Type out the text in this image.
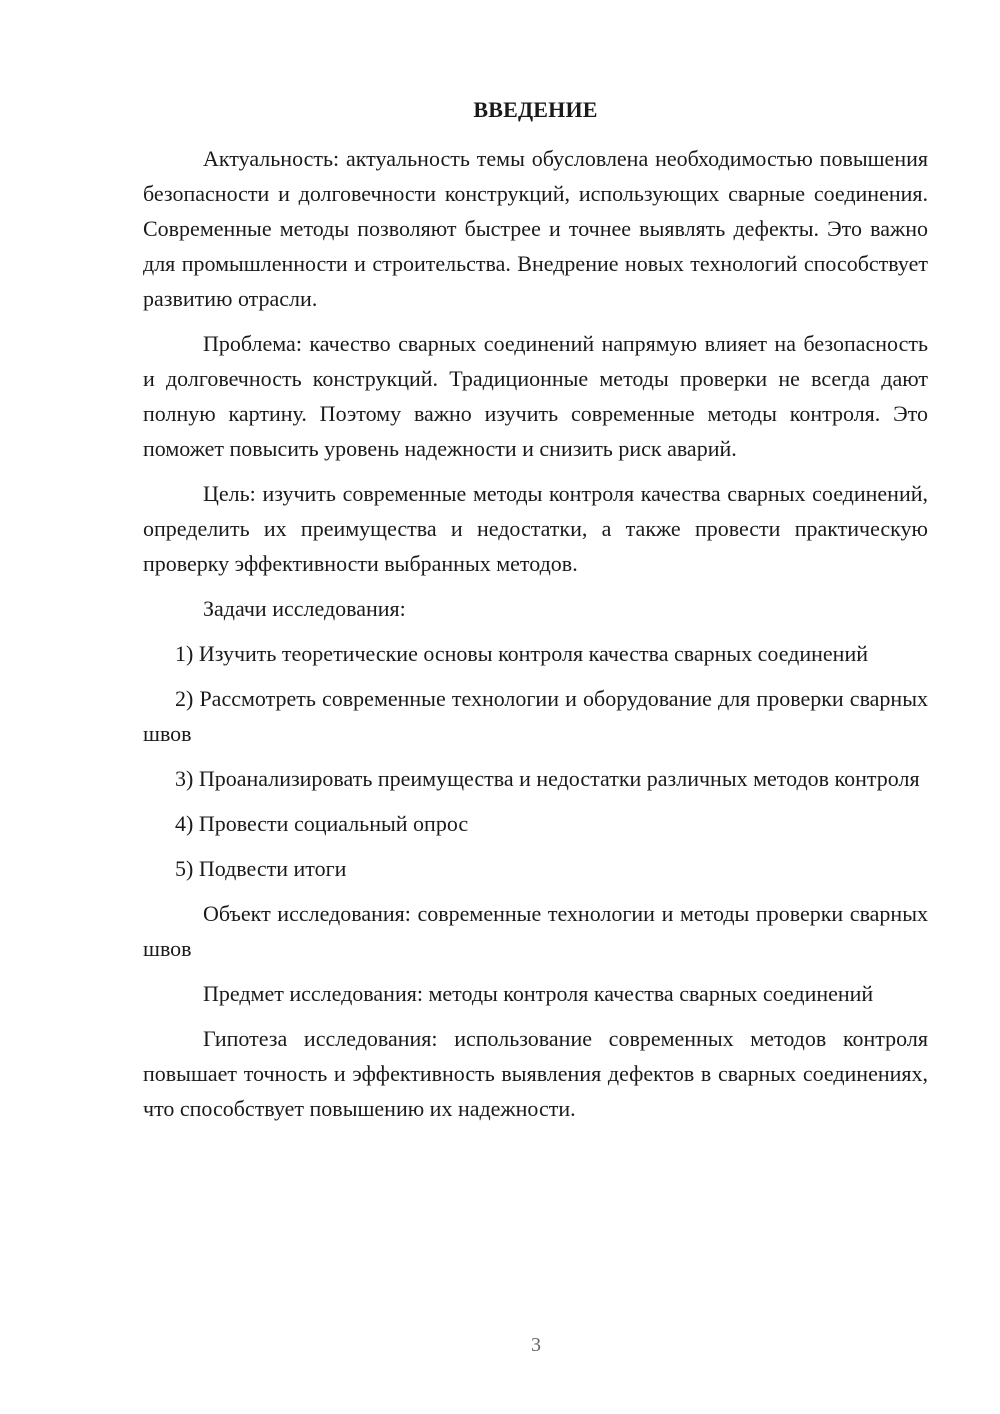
ВВЕДЕНИЕ

Актуальность: актуальность темы обусловлена необходимостью повышения безопасности и долговечности конструкций, использующих сварные соединения. Современные методы позволяют быстрее и точнее выявлять дефекты. Это важно для промышленности и строительства. Внедрение новых технологий способствует развитию отрасли.

Проблема: качество сварных соединений напрямую влияет на безопасность и долговечность конструкций. Традиционные методы проверки не всегда дают полную картину. Поэтому важно изучить современные методы контроля. Это поможет повысить уровень надежности и снизить риск аварий.

Цель: изучить современные методы контроля качества сварных соединений, определить их преимущества и недостатки, а также провести практическую проверку эффективности выбранных методов.

Задачи исследования:

1) Изучить теоретические основы контроля качества сварных соединений

2) Рассмотреть современные технологии и оборудование для проверки сварных швов

3) Проанализировать преимущества и недостатки различных методов контроля

4) Провести социальный опрос

5) Подвести итоги

Объект исследования: современные технологии и методы проверки сварных швов

Предмет исследования: методы контроля качества сварных соединений

Гипотеза исследования: использование современных методов контроля повышает точность и эффективность выявления дефектов в сварных соединениях, что способствует повышению их надежности.

3
